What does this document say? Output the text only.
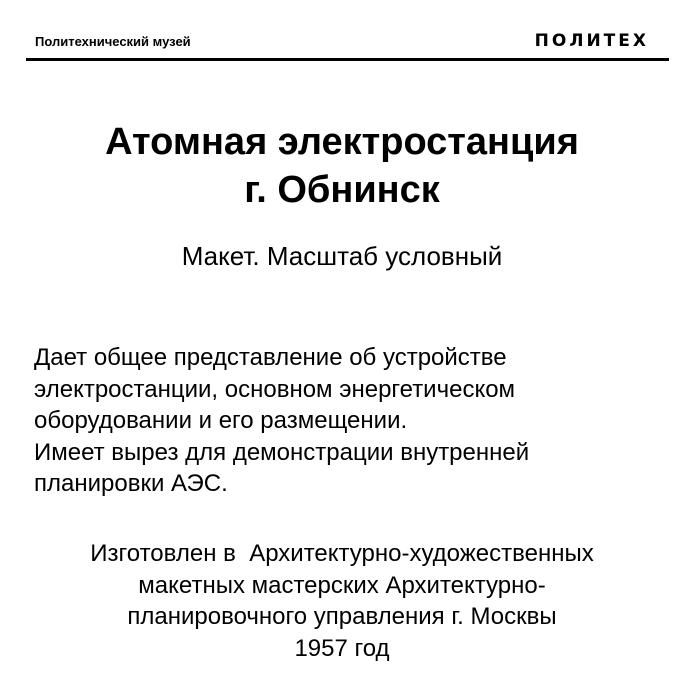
Политехнический музей	ПОЛИТЕХ
Атомная электростанция
г. Обнинск
Макет. Масштаб условный
Дает общее представление об устройстве
электростанции, основном энергетическом
оборудовании и его размещении.
Имеет вырез для демонстрации внутренней
планировки АЭС.
Изготовлен в  Архитектурно-художественных
макетных мастерских Архитектурно-
планировочного управления г. Москвы
1957 год
